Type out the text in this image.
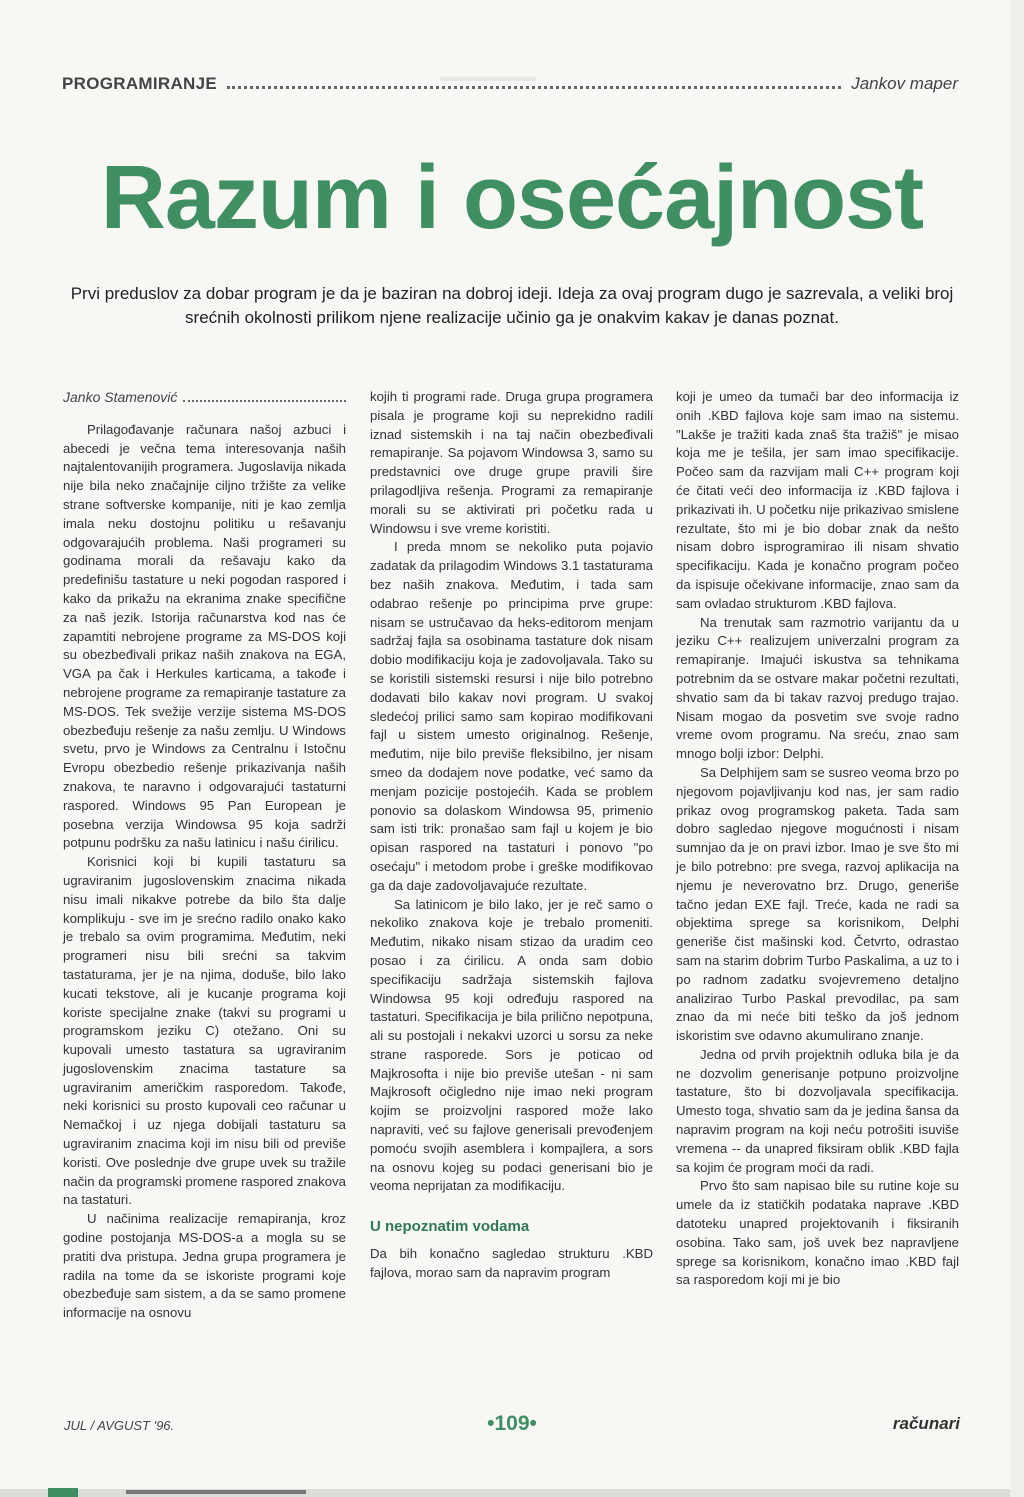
▬▬▬▬▬▬
PROGRAMIRANJE	Jankov maper
Razum i osećajnost
Prvi preduslov za dobar program je da je baziran na dobroj ideji. Ideja za ovaj program dugo je sazrevala, a veliki broj srećnih okolnosti prilikom njene realizacije učinio ga je onakvim kakav je danas poznat.
Janko Stamenović

Prilagođavanje računara našoj azbuci i abecedi je večna tema interesovanja naših najtalentovanijih programera. Jugoslavija nikada nije bila neko značajnije ciljno tržište za velike strane softverske kompanije, niti je kao zemlja imala neku dostojnu politiku u rešavanju odgovarajućih problema. Naši programeri su godinama morali da rešavaju kako da predefinišu tastature u neki pogodan raspored i kako da prikažu na ekranima znake specifične za naš jezik. Istorija računarstva kod nas će zapamtiti nebrojene programe za MS-DOS koji su obezbeđivali prikaz naših znakova na EGA, VGA pa čak i Herkules karticama, a takođe i nebrojene programe za remapiranje tastature za MS-DOS. Tek svežije verzije sistema MS-DOS obezbeđuju rešenje za našu zemlju. U Windows svetu, prvo je Windows za Centralnu i Istočnu Evropu obezbedio rešenje prikazivanja naših znakova, te naravno i odgovarajući tastaturni raspored. Windows 95 Pan European je posebna verzija Windowsa 95 koja sadrži potpunu podršku za našu latinicu i našu ćirilicu.

Korisnici koji bi kupili tastaturu sa ugraviranim jugoslovenskim znacima nikada nisu imali nikakve potrebe da bilo šta dalje komplikuju - sve im je srećno radilo onako kako je trebalo sa ovim programima. Međutim, neki programeri nisu bili srećni sa takvim tastaturama, jer je na njima, doduše, bilo lako kucati tekstove, ali je kucanje programa koji koriste specijalne znake (takvi su programi u programskom jeziku C) otežano. Oni su kupovali umesto tastatura sa ugraviranim jugoslovenskim znacima tastature sa ugraviranim američkim rasporedom. Takođe, neki korisnici su prosto kupovali ceo računar u Nemačkoj i uz njega dobijali tastaturu sa ugraviranim znacima koji im nisu bili od previše koristi. Ove poslednje dve grupe uvek su tražile način da programski promene raspored znakova na tastaturi.

U načinima realizacije remapiranja, kroz godine postojanja MS-DOS-a a mogla su se pratiti dva pristupa. Jedna grupa programera je radila na tome da se iskoriste programi koje obezbeđuje sam sistem, a da se samo promene informacije na osnovu

kojih ti programi rade. Druga grupa programera pisala je programe koji su neprekidno radili iznad sistemskih i na taj način obezbeđivali remapiranje. Sa pojavom Windowsa 3, samo su predstavnici ove druge grupe pravili šire prilagodljiva rešenja. Programi za remapiranje morali su se aktivirati pri početku rada u Windowsu i sve vreme koristiti.

I preda mnom se nekoliko puta pojavio zadatak da prilagodim Windows 3.1 tastaturama bez naših znakova. Međutim, i tada sam odabrao rešenje po principima prve grupe: nisam se ustručavao da heks-editorom menjam sadržaj fajla sa osobinama tastature dok nisam dobio modifikaciju koja je zadovoljavala. Tako su se koristili sistemski resursi i nije bilo potrebno dodavati bilo kakav novi program. U svakoj sledećoj prilici samo sam kopirao modifikovani fajl u sistem umesto originalnog. Rešenje, međutim, nije bilo previše fleksibilno, jer nisam smeo da dodajem nove podatke, već samo da menjam pozicije postojećih. Kada se problem ponovio sa dolaskom Windowsa 95, primenio sam isti trik: pronašao sam fajl u kojem je bio opisan raspored na tastaturi i ponovo "po osećaju" i metodom probe i greške modifikovao ga da daje zadovoljavajuće rezultate.

Sa latinicom je bilo lako, jer je reč samo o nekoliko znakova koje je trebalo promeniti. Međutim, nikako nisam stizao da uradim ceo posao i za ćirilicu. A onda sam dobio specifikaciju sadržaja sistemskih fajlova Windowsa 95 koji određuju raspored na tastaturi. Specifikacija je bila prilično nepotpuna, ali su postojali i nekakvi uzorci u sorsu za neke strane rasporede. Sors je poticao od Majkrosofta i nije bio previše utešan - ni sam Majkrosoft očigledno nije imao neki program kojim se proizvoljni raspored može lako napraviti, već su fajlove generisali prevođenjem pomoću svojih asemblera i kompajlera, a sors na osnovu kojeg su podaci generisani bio je veoma neprijatan za modifikaciju.

U nepoznatim vodama

Da bih konačno sagledao strukturu .KBD fajlova, morao sam da napravim program

koji je umeo da tumači bar deo informacija iz onih .KBD fajlova koje sam imao na sistemu. "Lakše je tražiti kada znaš šta tražiš" je misao koja me je tešila, jer sam imao specifikacije. Počeo sam da razvijam mali C++ program koji će čitati veći deo informacija iz .KBD fajlova i prikazivati ih. U početku nije prikazivao smislene rezultate, što mi je bio dobar znak da nešto nisam dobro isprogramirao ili nisam shvatio specifikaciju. Kada je konačno program počeo da ispisuje očekivane informacije, znao sam da sam ovladao strukturom .KBD fajlova.

Na trenutak sam razmotrio varijantu da u jeziku C++ realizujem univerzalni program za remapiranje. Imajući iskustva sa tehnikama potrebnim da se ostvare makar početni rezultati, shvatio sam da bi takav razvoj predugo trajao. Nisam mogao da posvetim sve svoje radno vreme ovom programu. Na sreću, znao sam mnogo bolji izbor: Delphi.

Sa Delphijem sam se susreo veoma brzo po njegovom pojavljivanju kod nas, jer sam radio prikaz ovog programskog paketa. Tada sam dobro sagledao njegove mogućnosti i nisam sumnjao da je on pravi izbor. Imao je sve što mi je bilo potrebno: pre svega, razvoj aplikacija na njemu je neverovatno brz. Drugo, generiše tačno jedan EXE fajl. Treće, kada ne radi sa objektima sprege sa korisnikom, Delphi generiše čist mašinski kod. Četvrto, odrastao sam na starim dobrim Turbo Paskalima, a uz to i po radnom zadatku svojevremeno detaljno analizirao Turbo Paskal prevodilac, pa sam znao da mi neće biti teško da još jednom iskoristim sve odavno akumulirano znanje.

Jedna od prvih projektnih odluka bila je da ne dozvolim generisanje potpuno proizvoljne tastature, što bi dozvoljavala specifikacija. Umesto toga, shvatio sam da je jedina šansa da napravim program na koji neću potrošiti isuviše vremena -- da unapred fiksiram oblik .KBD fajla sa kojim će program moći da radi.

Prvo što sam napisao bile su rutine koje su umele da iz statičkih podataka naprave .KBD datoteku unapred projektovanih i fiksiranih osobina. Tako sam, još uvek bez napravljene sprege sa korisnikom, konačno imao .KBD fajl sa rasporedom koji mi je bio

JUL / AVGUST '96.	•109•	računari
